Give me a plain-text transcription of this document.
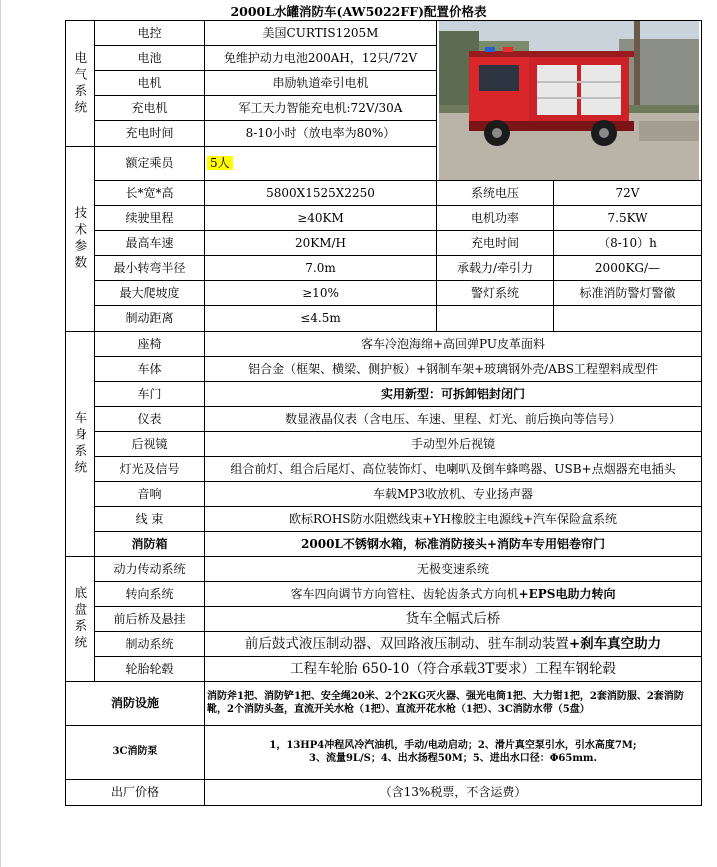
2000L水罐消防车(AW5022FF)配置价格表
电气系统	电控	美国CURTIS1205M	

	电池	免维护动力电池200AH，12只/72V		
	电机	串励轨道牵引电机		
	充电机	军工天力智能充电机:72V/30A		
	充电时间	8-10小时（放电率为80%）		
技术参数	额定乘员	5人		
	长*宽*高	5800X1525X2250	系统电压	72V
	续驶里程	≥40KM	电机功率	7.5KW
	最高车速	20KM/H	充电时间	（8-10）h
	最小转弯半径	7.0m	承载力/牵引力	2000KG/—
	最大爬坡度	≥10%	警灯系统	标准消防警灯警徽
	制动距离	≤4.5m		
车身系统	座椅	客车冷泡海绵+高回弹PU皮革面料		
	车体	铝合金（框架、横梁、侧护板）+钢制车架+玻璃钢外壳/ABS工程塑料成型件		
	车门	实用新型：可拆卸铝封闭门		
	仪表	数显液晶仪表（含电压、车速、里程、灯光、前后换向等信号）		
	后视镜	手动型外后视镜		
	灯光及信号	组合前灯、组合后尾灯、高位装饰灯、电喇叭及倒车蜂鸣器、USB+点烟器充电插头		
	音响	车载MP3收放机、专业扬声器		
	线 束	欧标ROHS防水阻燃线束+YH橡胶主电源线+汽车保险盒系统		
	消防箱	2000L不锈钢水箱，标准消防接头+消防车专用铝卷帘门		
底盘系统	动力传动系统	无极变速系统		
	转向系统	客车四向调节方向管柱、齿轮齿条式方向机+EPS电助力转向		
	前后桥及悬挂	货车全幅式后桥		
	制动系统	前后鼓式液压制动器、双回路液压制动、驻车制动装置+刹车真空助力		
	轮胎轮毂	工程车轮胎 650-10（符合承载3T要求）工程车钢轮毂		
消防设施		消防斧1把、消防铲1把、安全绳20米、2个2KG灭火器、强光电筒1把、大力钳1把，2套消防服、2套消防靴，2个消防头盔，直流开关水枪（1把）、直流开花水枪（1把）、3C消防水带（5盘）		
3C消防泵		1，13HP4冲程风冷汽油机，手动/电动启动；2、滑片真空泵引水，引水高度7M;
3、流量9L/S；4、出水扬程50M；5、进出水口径：Φ65mm.		

出厂价格		（含13%税票，不含运费）		
